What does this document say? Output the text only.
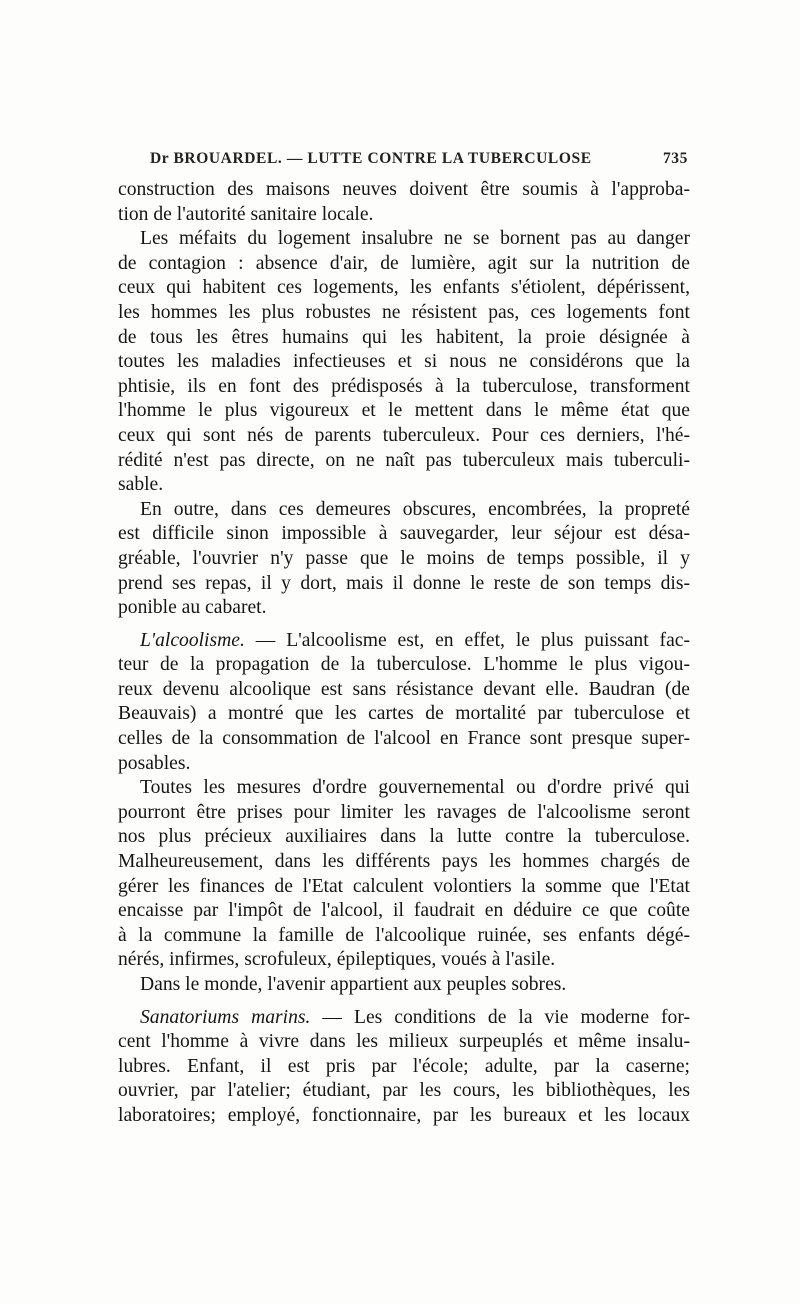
Dr BROUARDEL. — LUTTE CONTRE LA TUBERCULOSE	735
construction des maisons neuves doivent être soumis à l'approba-
tion de l'autorité sanitaire locale.
Les méfaits du logement insalubre ne se bornent pas au danger
de contagion : absence d'air, de lumière, agit sur la nutrition de
ceux qui habitent ces logements, les enfants s'étiolent, dépérissent,
les hommes les plus robustes ne résistent pas, ces logements font
de tous les êtres humains qui les habitent, la proie désignée à
toutes les maladies infectieuses et si nous ne considérons que la
phtisie, ils en font des prédisposés à la tuberculose, transforment
l'homme le plus vigoureux et le mettent dans le même état que
ceux qui sont nés de parents tuberculeux. Pour ces derniers, l'hé-
rédité n'est pas directe, on ne naît pas tuberculeux mais tuberculi-
sable.
En outre, dans ces demeures obscures, encombrées, la propreté
est difficile sinon impossible à sauvegarder, leur séjour est désa-
gréable, l'ouvrier n'y passe que le moins de temps possible, il y
prend ses repas, il y dort, mais il donne le reste de son temps dis-
ponible au cabaret.
L'alcoolisme. — L'alcoolisme est, en effet, le plus puissant fac-
teur de la propagation de la tuberculose. L'homme le plus vigou-
reux devenu alcoolique est sans résistance devant elle. Baudran (de
Beauvais) a montré que les cartes de mortalité par tuberculose et
celles de la consommation de l'alcool en France sont presque super-
posables.
Toutes les mesures d'ordre gouvernemental ou d'ordre privé qui
pourront être prises pour limiter les ravages de l'alcoolisme seront
nos plus précieux auxiliaires dans la lutte contre la tuberculose.
Malheureusement, dans les différents pays les hommes chargés de
gérer les finances de l'Etat calculent volontiers la somme que l'Etat
encaisse par l'impôt de l'alcool, il faudrait en déduire ce que coûte
à la commune la famille de l'alcoolique ruinée, ses enfants dégé-
nérés, infirmes, scrofuleux, épileptiques, voués à l'asile.
Dans le monde, l'avenir appartient aux peuples sobres.
Sanatoriums marins. — Les conditions de la vie moderne for-
cent l'homme à vivre dans les milieux surpeuplés et même insalu-
lubres. Enfant, il est pris par l'école; adulte, par la caserne;
ouvrier, par l'atelier; étudiant, par les cours, les bibliothèques, les
laboratoires; employé, fonctionnaire, par les bureaux et les locaux
